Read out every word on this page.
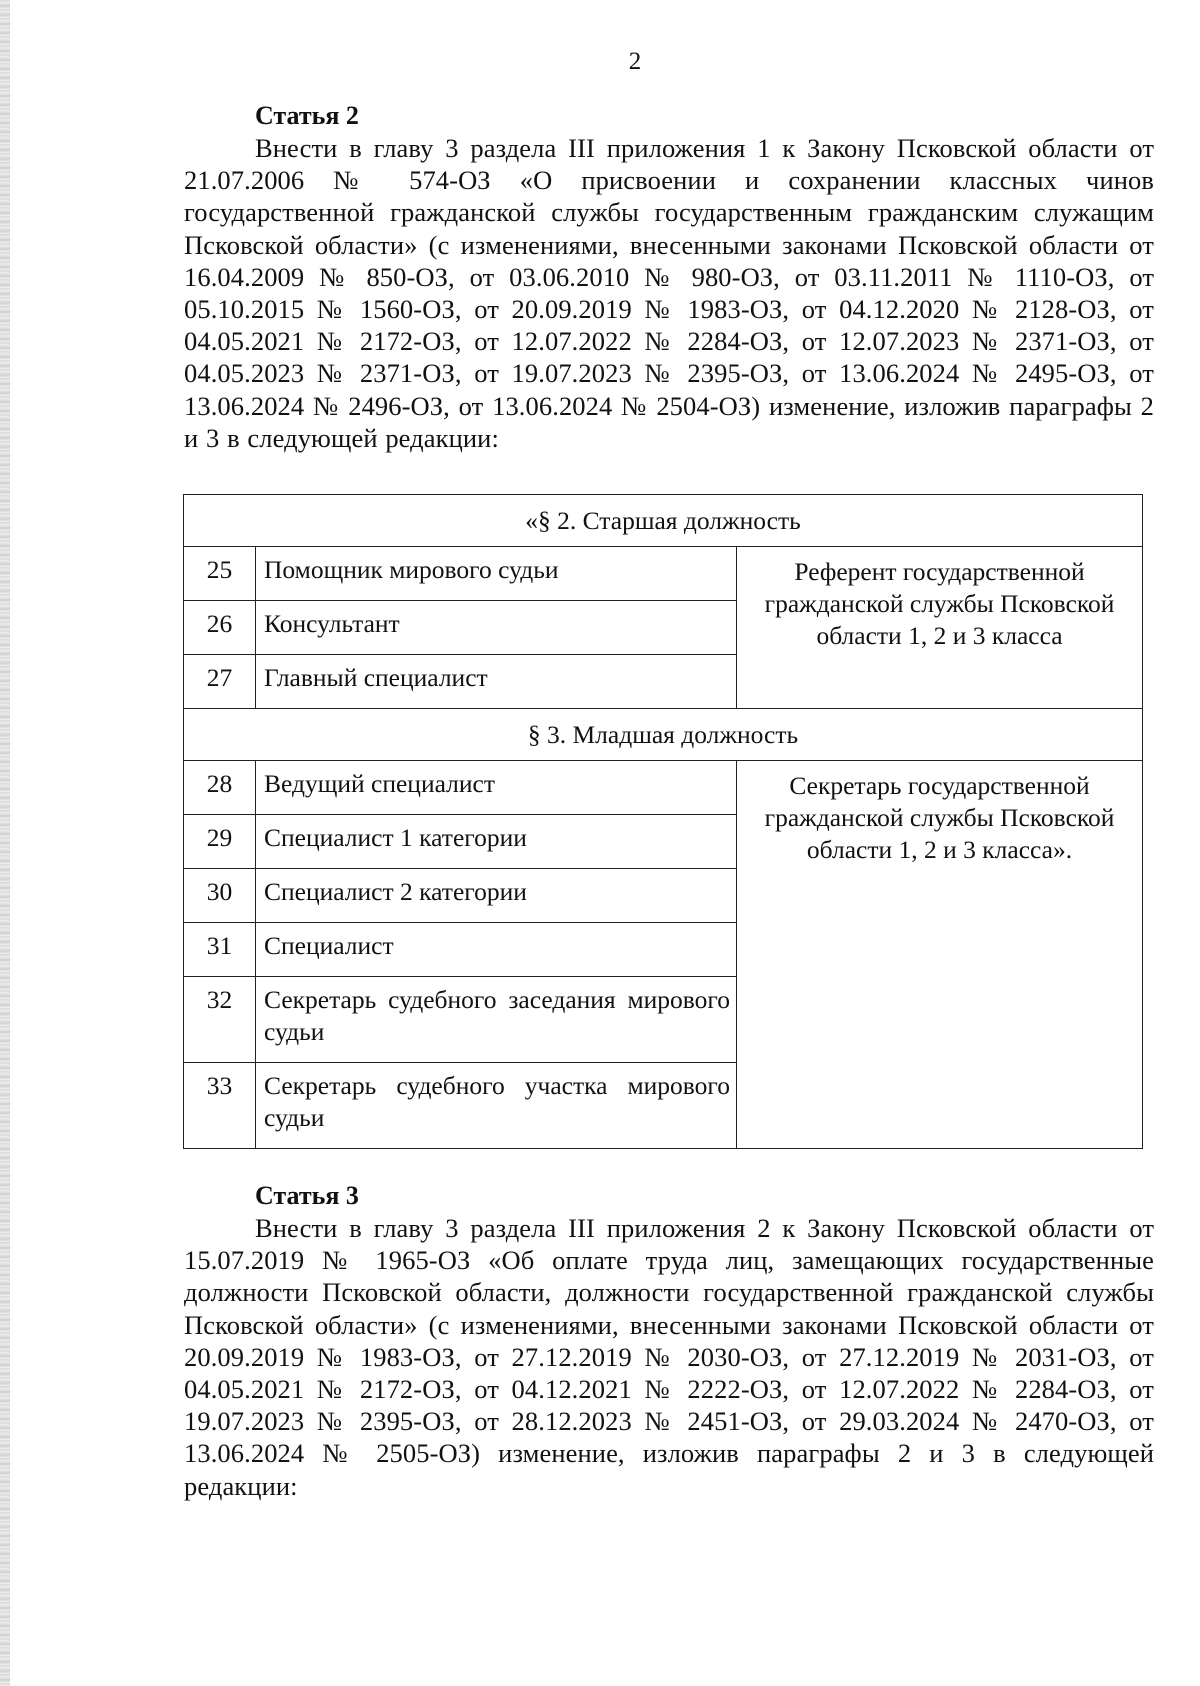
2
Статья 2

Внести в главу 3 раздела III приложения 1 к Закону Псковской области от 21.07.2006 № 574-ОЗ «О присвоении и сохранении классных чинов государственной гражданской службы государственным гражданским служащим Псковской области» (с изменениями, внесенными законами Псковской области от 16.04.2009 № 850-ОЗ, от 03.06.2010 № 980-ОЗ, от 03.11.2011 № 1110-ОЗ, от 05.10.2015 № 1560-ОЗ, от 20.09.2019 № 1983-ОЗ, от 04.12.2020 № 2128-ОЗ, от 04.05.2021 № 2172-ОЗ, от 12.07.2022 № 2284-ОЗ, от 12.07.2023 № 2371-ОЗ, от 04.05.2023 № 2371-ОЗ, от 19.07.2023 № 2395-ОЗ, от 13.06.2024 № 2495-ОЗ, от 13.06.2024 № 2496-ОЗ, от 13.06.2024 № 2504-ОЗ) изменение, изложив параграфы 2 и 3 в следующей редакции:

«§ 2. Старшая должность		
25	Помощник мирового судьи	Референт государственной гражданской службы Псковской области 1, 2 и 3 класса
26	Консультант	
27	Главный специалист	
§ 3. Младшая должность		
28	Ведущий специалист	Секретарь государственной гражданской службы Псковской области 1, 2 и 3 класса».
29	Специалист 1 категории	
30	Специалист 2 категории	
31	Специалист	
32	Секретарь судебного заседания мирового судьи	
33	Секретарь судебного участка мирового судьи	
Статья 3

Внести в главу 3 раздела III приложения 2 к Закону Псковской области от 15.07.2019 № 1965-ОЗ «Об оплате труда лиц, замещающих государственные должности Псковской области, должности государственной гражданской службы Псковской области» (с изменениями, внесенными законами Псковской области от 20.09.2019 № 1983-ОЗ, от 27.12.2019 № 2030-ОЗ, от 27.12.2019 № 2031-ОЗ, от 04.05.2021 № 2172-ОЗ, от 04.12.2021 № 2222-ОЗ, от 12.07.2022 № 2284-ОЗ, от 19.07.2023 № 2395-ОЗ, от 28.12.2023 № 2451-ОЗ, от 29.03.2024 № 2470-ОЗ, от 13.06.2024 № 2505-ОЗ) изменение, изложив параграфы 2 и 3 в следующей редакции:
